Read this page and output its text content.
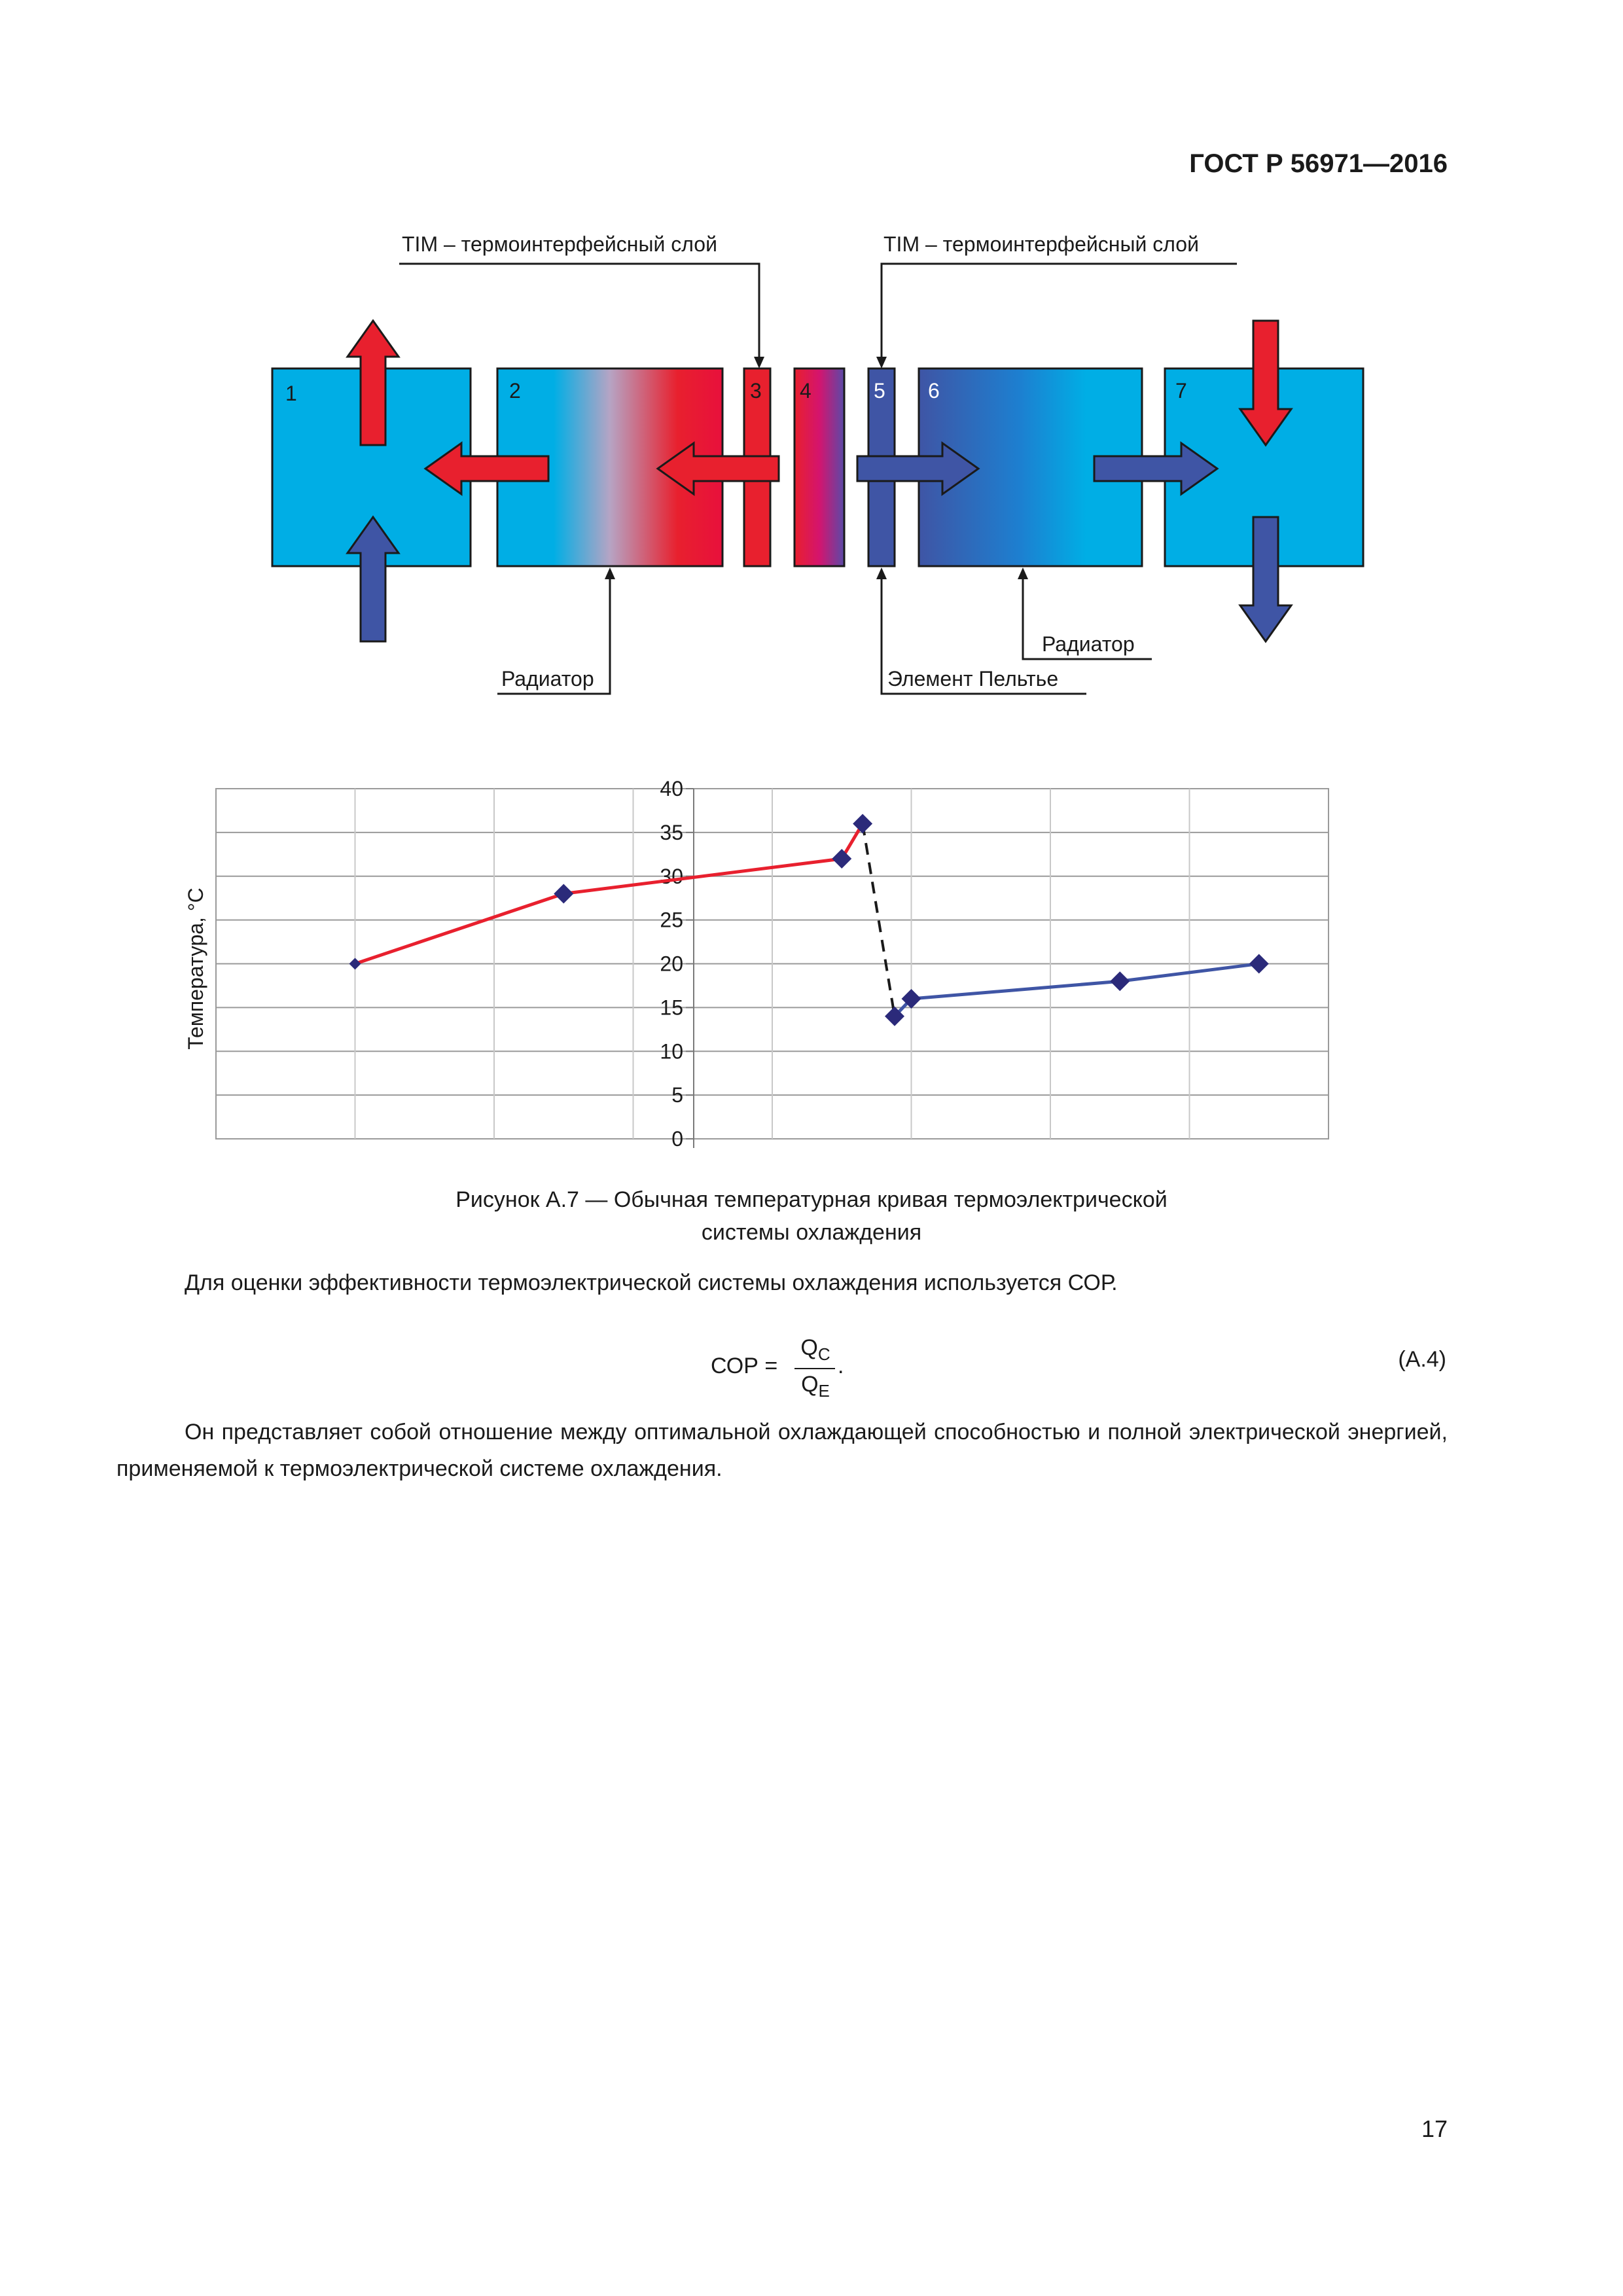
ГОСТ Р 56971—2016
1	2	3 4	5 6	7
TIM – термоинтерфейсный слой	TIM – термоинтерфейсный слой
Радиатор	Элемент Пельтье
Радиатор
0
5
10
15
20
25
30
35
40
Температура, °C
Рисунок А.7 — Обычная температурная кривая термоэлектрической
системы охлаждения
Для оценки эффективности термоэлектрической системы охлаждения используется СОР.
СОР =
$Q_C$
$Q_E$
.	(А.4)
Он представляет собой отношение между оптимальной охлаждающей способностью и полной электрической энергией, применяемой к термоэлектрической системе охлаждения.
17
